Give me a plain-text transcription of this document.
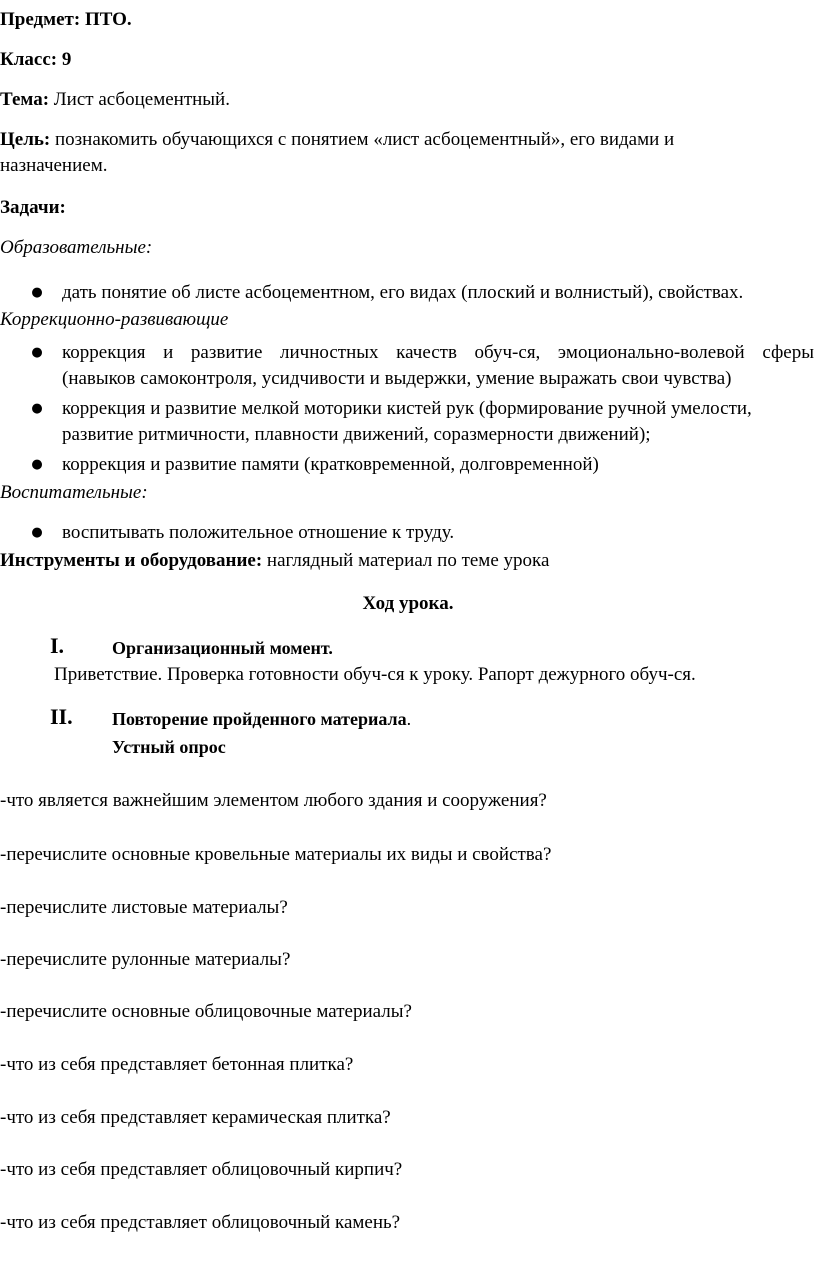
Предмет: ПТО.
Класс: 9
Тема: Лист асбоцементный.
Цель: познакомить обучающихся с понятием «лист асбоцементный», его видами и
назначением.
Задачи:
Образовательные:
● дать понятие об листе асбоцементном, его видах (плоский и волнистый), свойствах.
Коррекционно-развивающие
● коррекция и развитие личностных качеств обуч-ся, эмоционально-волевой сферы
(навыков самоконтроля, усидчивости и выдержки, умение выражать свои чувства)
● коррекция и развитие мелкой моторики кистей рук (формирование ручной умелости,
развитие ритмичности, плавности движений, соразмерности движений);
● коррекция и развитие памяти (кратковременной, долговременной)
Воспитательные:
● воспитывать положительное отношение к труду.
Инструменты и оборудование: наглядный материал по теме урока
Ход урока.
I.	Организационный момент.
Приветствие. Проверка готовности обуч-ся к уроку. Рапорт дежурного обуч-ся.
II. Повторение пройденного материала.
Устный опрос
-что является важнейшим элементом любого здания и сооружения?
-перечислите основные кровельные материалы их виды и свойства?
-перечислите листовые материалы?
-перечислите рулонные материалы?
-перечислите основные облицовочные материалы?
-что из себя представляет бетонная плитка?
-что из себя представляет керамическая плитка?
-что из себя представляет облицовочный кирпич?
-что из себя представляет облицовочный камень?
